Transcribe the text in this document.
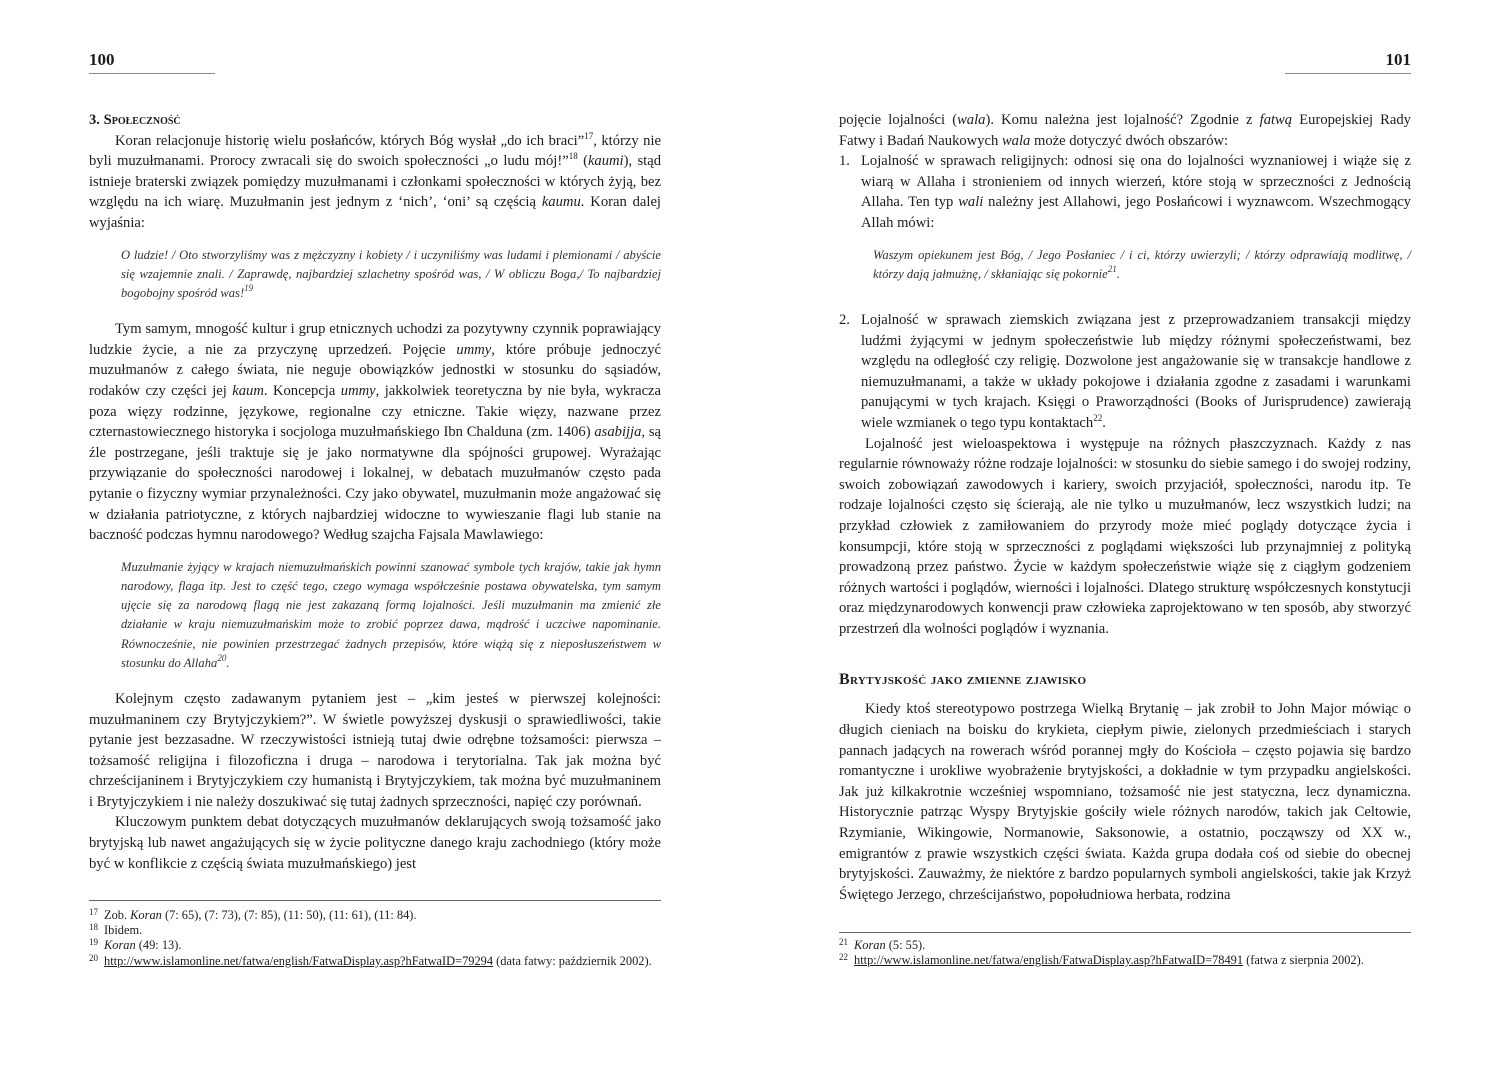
100
3. Społeczność

Koran relacjonuje historię wielu posłańców, których Bóg wysłał „do ich braci”$^{17}$, którzy nie byli muzułmanami. Prorocy zwracali się do swoich społeczności „o ludu mój!”$^{18}$ (kaumi), stąd istnieje braterski związek pomiędzy muzułmanami i członkami społeczności w których żyją, bez względu na ich wiarę. Muzułmanin jest jednym z ‘nich’, ‘oni’ są częścią kaumu. Koran dalej wyjaśnia:

O ludzie! / Oto stworzyliśmy was z mężczyzny i kobiety / i uczyniliśmy was ludami i plemionami / abyście się wzajemnie znali. / Zaprawdę, najbardziej szlachetny spośród was, / W obliczu Boga,/ To najbardziej bogobojny spośród was!$^{19}$

Tym samym, mnogość kultur i grup etnicznych uchodzi za pozytywny czynnik poprawiający ludzkie życie, a nie za przyczynę uprzedzeń. Pojęcie ummy, które próbuje jednoczyć muzułmanów z całego świata, nie neguje obowiązków jednostki w stosunku do sąsiadów, rodaków czy części jej kaum. Koncepcja ummy, jakkolwiek teoretyczna by nie była, wykracza poza więzy rodzinne, językowe, regionalne czy etniczne. Takie więzy, nazwane przez czternastowiecznego historyka i socjologa muzułmańskiego Ibn Chalduna (zm. 1406) asabijja, są źle postrzegane, jeśli traktuje się je jako normatywne dla spójności grupowej. Wyrażając przywiązanie do społeczności narodowej i lokalnej, w debatach muzułmanów często pada pytanie o fizyczny wymiar przynależności. Czy jako obywatel, muzułmanin może angażować się w działania patriotyczne, z których najbardziej widoczne to wywieszanie flagi lub stanie na baczność podczas hymnu narodowego? Według szajcha Fajsala Mawlawiego:

Muzułmanie żyjący w krajach niemuzułmańskich powinni szanować symbole tych krajów, takie jak hymn narodowy, flaga itp. Jest to część tego, czego wymaga współcześnie postawa obywatelska, tym samym ujęcie się za narodową flagą nie jest zakazaną formą lojalności. Jeśli muzułmanin ma zmienić złe działanie w kraju niemuzułmańskim może to zrobić poprzez dawa, mądrość i uczciwe napominanie. Równocześnie, nie powinien przestrzegać żadnych przepisów, które wiążą się z nieposłuszeństwem w stosunku do Allaha$^{20}$.

Kolejnym często zadawanym pytaniem jest – „kim jesteś w pierwszej kolejności: muzułmaninem czy Brytyjczykiem?”. W świetle powyższej dyskusji o sprawiedliwości, takie pytanie jest bezzasadne. W rzeczywistości istnieją tutaj dwie odrębne tożsamości: pierwsza – tożsamość religijna i filozoficzna i druga – narodowa i terytorialna. Tak jak można być chrześcijaninem i Brytyjczykiem czy humanistą i Brytyjczykiem, tak można być muzułmaninem i Brytyjczykiem i nie należy doszukiwać się tutaj żadnych sprzeczności, napięć czy porównań.

Kluczowym punktem debat dotyczących muzułmanów deklarujących swoją tożsamość jako brytyjską lub nawet angażujących się w życie polityczne danego kraju zachodniego (który może być w konflikcie z częścią świata muzułmańskiego) jest

17 Zob. Koran (7: 65), (7: 73), (7: 85), (11: 50), (11: 61), (11: 84).
18 Ibidem.
19 Koran (49: 13).
20 http://www.islamonline.net/fatwa/english/FatwaDisplay.asp?hFatwaID=79294 (data fatwy: październik 2002).
101

pojęcie lojalności (wala). Komu należna jest lojalność? Zgodnie z fatwą Europejskiej Rady Fatwy i Badań Naukowych wala może dotyczyć dwóch obszarów:

1. Lojalność w sprawach religijnych: odnosi się ona do lojalności wyznaniowej i wiąże się z wiarą w Allaha i stronieniem od innych wierzeń, które stoją w sprzeczności z Jednością Allaha. Ten typ wali należny jest Allahowi, jego Posłańcowi i wyznawcom. Wszechmogący Allah mówi:

Waszym opiekunem jest Bóg, / Jego Posłaniec / i ci, którzy uwierzyli; / którzy odprawiają modlitwę, / którzy dają jałmużnę, / skłaniając się pokornie$^{21}$.

2. Lojalność w sprawach ziemskich związana jest z przeprowadzaniem transakcji między ludźmi żyjącymi w jednym społeczeństwie lub między różnymi społeczeństwami, bez względu na odległość czy religię. Dozwolone jest angażowanie się w transakcje handlowe z niemuzułmanami, a także w układy pokojowe i działania zgodne z zasadami i warunkami panującymi w tych krajach. Księgi o Praworządności (Books of Jurisprudence) zawierają wiele wzmianek o tego typu kontaktach$^{22}$.

Lojalność jest wieloaspektowa i występuje na różnych płaszczyznach. Każdy z nas regularnie równoważy różne rodzaje lojalności: w stosunku do siebie samego i do swojej rodziny, swoich zobowiązań zawodowych i kariery, swoich przyjaciół, społeczności, narodu itp. Te rodzaje lojalności często się ścierają, ale nie tylko u muzułmanów, lecz wszystkich ludzi; na przykład człowiek z zamiłowaniem do przyrody może mieć poglądy dotyczące życia i konsumpcji, które stoją w sprzeczności z poglądami większości lub przynajmniej z polityką prowadzoną przez państwo. Życie w każdym społeczeństwie wiąże się z ciągłym godzeniem różnych wartości i poglądów, wierności i lojalności. Dlatego strukturę współczesnych konstytucji oraz międzynarodowych konwencji praw człowieka zaprojektowano w ten sposób, aby stworzyć przestrzeń dla wolności poglądów i wyznania.

Brytyjskość jako zmienne zjawisko

Kiedy ktoś stereotypowo postrzega Wielką Brytanię – jak zrobił to John Major mówiąc o długich cieniach na boisku do krykieta, ciepłym piwie, zielonych przedmieściach i starych pannach jadących na rowerach wśród porannej mgły do Kościoła – często pojawia się bardzo romantyczne i urokliwe wyobrażenie brytyjskości, a dokładnie w tym przypadku angielskości. Jak już kilkakrotnie wcześniej wspomniano, tożsamość nie jest statyczna, lecz dynamiczna. Historycznie patrząc Wyspy Brytyjskie gościły wiele różnych narodów, takich jak Celtowie, Rzymianie, Wikingowie, Normanowie, Saksonowie, a ostatnio, począwszy od XX w., emigrantów z prawie wszystkich części świata. Każda grupa dodała coś od siebie do obecnej brytyjskości. Zauważmy, że niektóre z bardzo popularnych symboli angielskości, takie jak Krzyż Świętego Jerzego, chrześcijaństwo, popołudniowa herbata, rodzina

21 Koran (5: 55).
22 http://www.islamonline.net/fatwa/english/FatwaDisplay.asp?hFatwaID=78491 (fatwa z sierpnia 2002).
